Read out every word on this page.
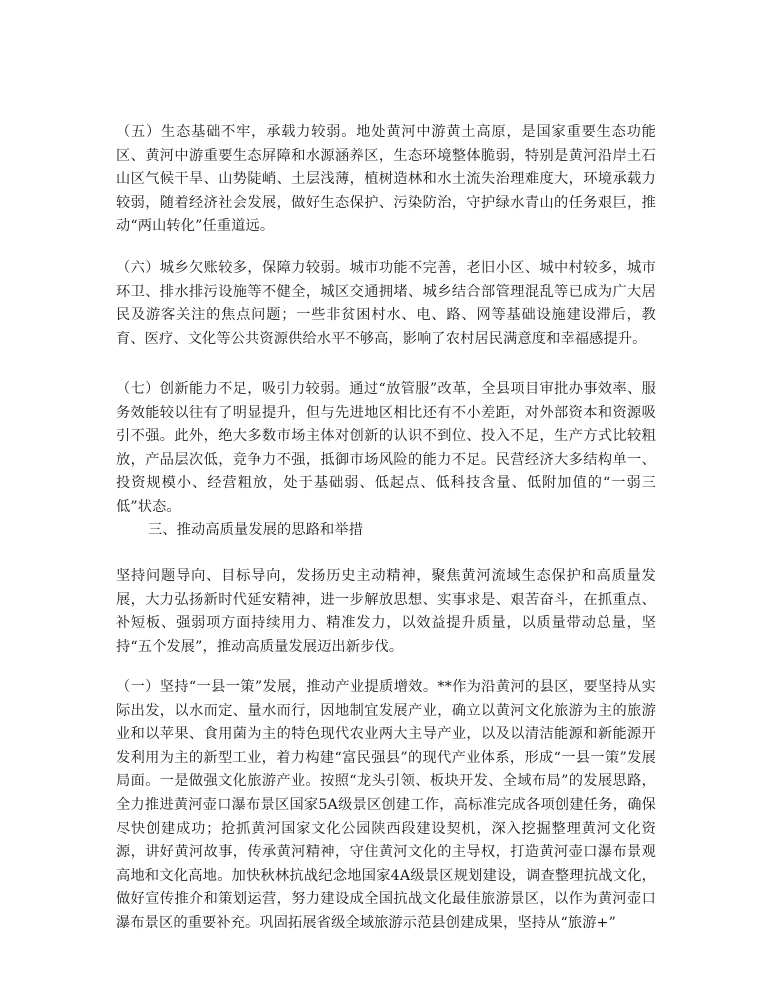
（五）生态基础不牢，承载力较弱。地处黄河中游黄土高原，是国家重要生态功能区、黄河中游重要生态屏障和水源涵养区，生态环境整体脆弱，特别是黄河沿岸土石山区气候干旱、山势陡峭、土层浅薄，植树造林和水土流失治理难度大，环境承载力较弱，随着经济社会发展，做好生态保护、污染防治，守护绿水青山的任务艰巨，推动“两山转化”任重道远。

（六）城乡欠账较多，保障力较弱。城市功能不完善，老旧小区、城中村较多，城市环卫、排水排污设施等不健全，城区交通拥堵、城乡结合部管理混乱等已成为广大居民及游客关注的焦点问题；一些非贫困村水、电、路、网等基础设施建设滞后，教育、医疗、文化等公共资源供给水平不够高，影响了农村居民满意度和幸福感提升。

（七）创新能力不足，吸引力较弱。通过“放管服”改革，全县项目审批办事效率、服务效能较以往有了明显提升，但与先进地区相比还有不小差距，对外部资本和资源吸引不强。此外，绝大多数市场主体对创新的认识不到位、投入不足，生产方式比较粗放，产品层次低，竞争力不强，抵御市场风险的能力不足。民营经济大多结构单一、投资规模小、经营粗放，处于基础弱、低起点、低科技含量、低附加值的“一弱三低”状态。

三、推动高质量发展的思路和举措

坚持问题导向、目标导向，发扬历史主动精神，聚焦黄河流域生态保护和高质量发展，大力弘扬新时代延安精神，进一步解放思想、实事求是、艰苦奋斗，在抓重点、补短板、强弱项方面持续用力、精准发力，以效益提升质量，以质量带动总量，坚持“五个发展”，推动高质量发展迈出新步伐。

（一）坚持“一县一策”发展，推动产业提质增效。**作为沿黄河的县区，要坚持从实际出发，以水而定、量水而行，因地制宜发展产业，确立以黄河文化旅游为主的旅游业和以苹果、食用菌为主的特色现代农业两大主导产业，以及以清洁能源和新能源开发利用为主的新型工业，着力构建“富民强县”的现代产业体系，形成“一县一策”发展局面。一是做强文化旅游产业。按照“龙头引领、板块开发、全域布局”的发展思路，全力推进黄河壶口瀑布景区国家5A级景区创建工作，高标准完成各项创建任务，确保尽快创建成功；抢抓黄河国家文化公园陕西段建设契机，深入挖掘整理黄河文化资源，讲好黄河故事，传承黄河精神，守住黄河文化的主导权，打造黄河壶口瀑布景观高地和文化高地。加快秋林抗战纪念地国家4A级景区规划建设，调查整理抗战文化，做好宣传推介和策划运营，努力建设成全国抗战文化最佳旅游景区，以作为黄河壶口瀑布景区的重要补充。巩固拓展省级全域旅游示范县创建成果，坚持从“旅游+”
